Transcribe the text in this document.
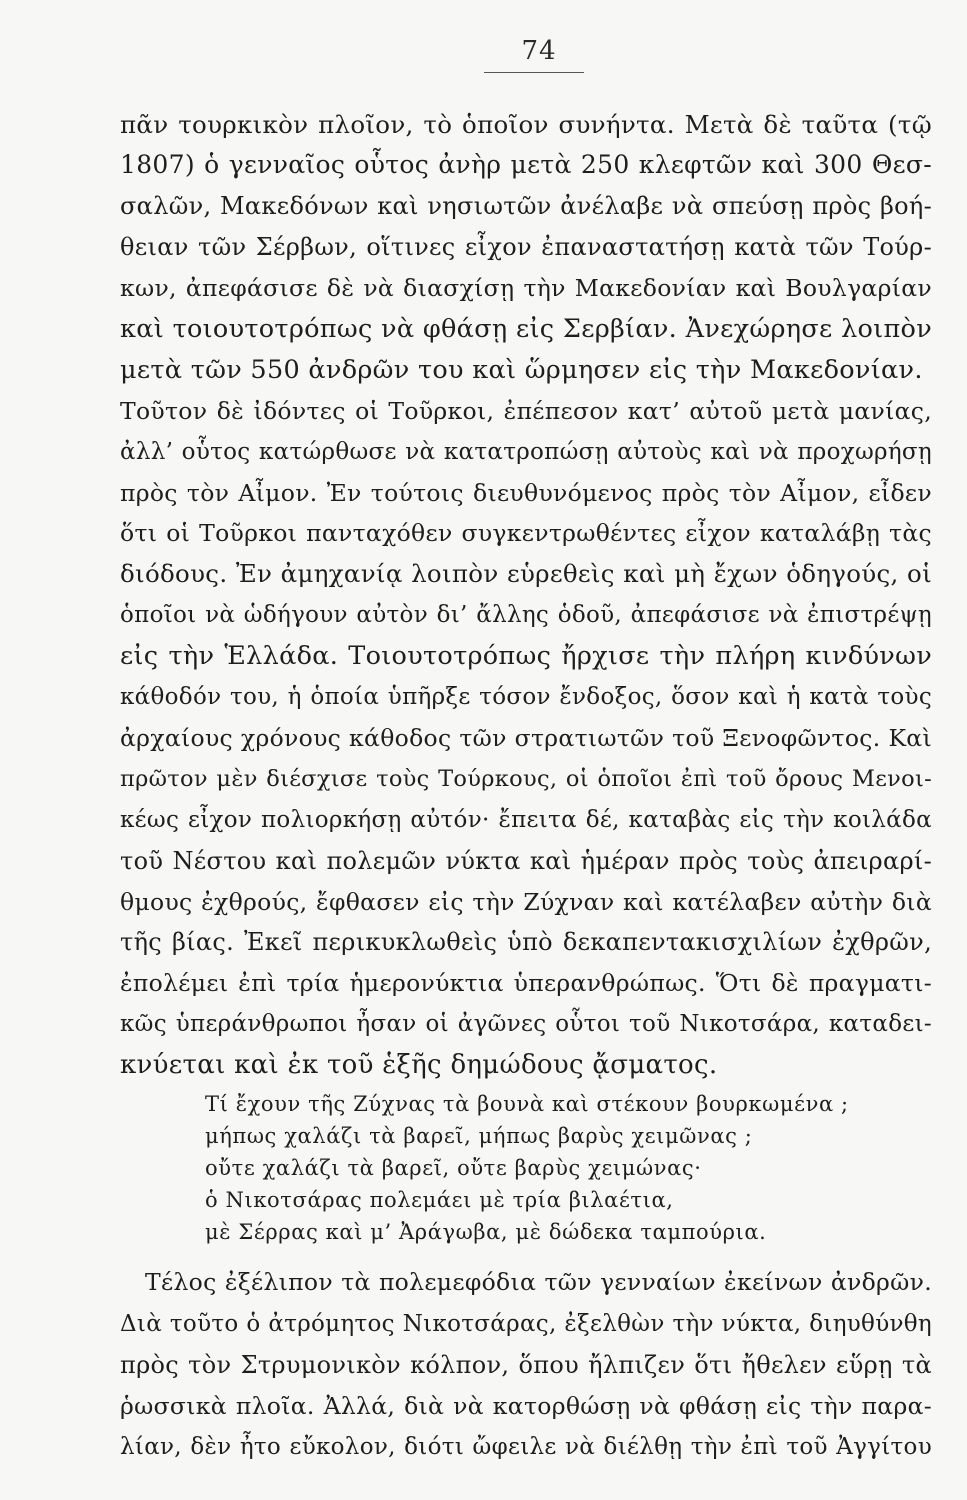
74
πᾶν τουρκικὸν πλοῖον, τὸ ὁποῖον συνήντα. Μετὰ δὲ ταῦτα (τῷ
1807) ὁ γενναῖος οὗτος ἀνὴρ μετὰ 250 κλεφτῶν καὶ 300 Θεσ-
σαλῶν, Μακεδόνων καὶ νησιωτῶν ἀνέλαβε νὰ σπεύσῃ πρὸς βοή-
θειαν τῶν Σέρβων, οἵτινες εἶχον ἐπαναστατήσῃ κατὰ τῶν Τούρ-
κων, ἀπεφάσισε δὲ νὰ διασχίσῃ τὴν Μακεδονίαν καὶ Βουλγαρίαν
καὶ τοιουτοτρόπως νὰ φθάσῃ εἰς Σερβίαν. Ἀνεχώρησε λοιπὸν
μετὰ τῶν 550 ἀνδρῶν του καὶ ὥρμησεν εἰς τὴν Μακεδονίαν.
Τοῦτον δὲ ἰδόντες οἱ Τοῦρκοι, ἐπέπεσον κατ’ αὐτοῦ μετὰ μανίας,
ἀλλ’ οὗτος κατώρθωσε νὰ κατατροπώσῃ αὐτοὺς καὶ νὰ προχωρήσῃ
πρὸς τὸν Αἶμον. Ἐν τούτοις διευθυνόμενος πρὸς τὸν Αἶμον, εἶδεν
ὅτι οἱ Τοῦρκοι πανταχόθεν συγκεντρωθέντες εἶχον καταλάβῃ τὰς
διόδους. Ἐν ἀμηχανίᾳ λοιπὸν εὑρεθεὶς καὶ μὴ ἔχων ὁδηγούς, οἱ
ὁποῖοι νὰ ὡδήγουν αὐτὸν δι’ ἄλλης ὁδοῦ, ἀπεφάσισε νὰ ἐπιστρέψῃ
εἰς τὴν Ἑλλάδα. Τοιουτοτρόπως ἤρχισε τὴν πλήρη κινδύνων
κάθοδόν του, ἡ ὁποία ὑπῆρξε τόσον ἔνδοξος, ὅσον καὶ ἡ κατὰ τοὺς
ἀρχαίους χρόνους κάθοδος τῶν στρατιωτῶν τοῦ Ξενοφῶντος. Καὶ
πρῶτον μὲν διέσχισε τοὺς Τούρκους, οἱ ὁποῖοι ἐπὶ τοῦ ὄρους Μενοι-
κέως εἶχον πολιορκήσῃ αὐτόν· ἔπειτα δέ, καταβὰς εἰς τὴν κοιλάδα
τοῦ Νέστου καὶ πολεμῶν νύκτα καὶ ἡμέραν πρὸς τοὺς ἀπειραρί-
θμους ἐχθρούς, ἔφθασεν εἰς τὴν Ζύχναν καὶ κατέλαβεν αὐτὴν διὰ
τῆς βίας. Ἐκεῖ περικυκλωθεὶς ὑπὸ δεκαπεντακισχιλίων ἐχθρῶν,
ἐπολέμει ἐπὶ τρία ἡμερονύκτια ὑπερανθρώπως. Ὅτι δὲ πραγματι-
κῶς ὑπεράνθρωποι ἦσαν οἱ ἀγῶνες οὗτοι τοῦ Νικοτσάρα, καταδει-
κνύεται καὶ ἐκ τοῦ ἑξῆς δημώδους ᾄσματος.
Τί ἔχουν τῆς Ζύχνας τὰ βουνὰ καὶ στέκουν βουρκωμένα ;
μήπως χαλάζι τὰ βαρεῖ, μήπως βαρὺς χειμῶνας ;
οὔτε χαλάζι τὰ βαρεῖ, οὔτε βαρὺς χειμώνας·
ὁ Νικοτσάρας πολεμάει μὲ τρία βιλαέτια,
μὲ Σέρρας καὶ μ’ Ἀράγωβα, μὲ δώδεκα ταμπούρια.
Τέλος ἐξέλιπον τὰ πολεμεφόδια τῶν γενναίων ἐκείνων ἀνδρῶν.
Διὰ τοῦτο ὁ ἀτρόμητος Νικοτσάρας, ἐξελθὼν τὴν νύκτα, διηυθύνθη
πρὸς τὸν Στρυμονικὸν κόλπον, ὅπου ἤλπιζεν ὅτι ἤθελεν εὕρῃ τὰ
ῥωσσικὰ πλοῖα. Ἀλλά, διὰ νὰ κατορθώσῃ νὰ φθάσῃ εἰς τὴν παρα-
λίαν, δὲν ἦτο εὔκολον, διότι ὤφειλε νὰ διέλθῃ τὴν ἐπὶ τοῦ Ἀγγίτου
